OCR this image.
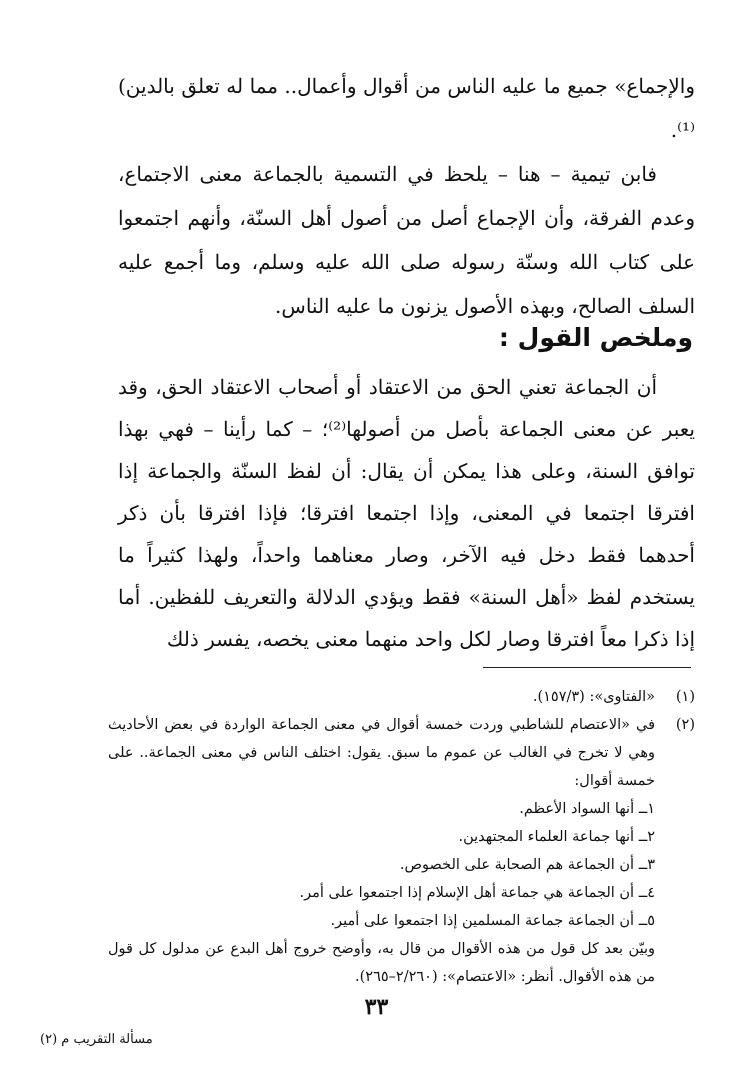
والإجماع» جميع ما عليه الناس من أقوال وأعمال.. مما له تعلق بالدين)⁽¹⁾.

فابن تيمية – هنا – يلحظ في التسمية بالجماعة معنى الاجتماع، وعدم الفرقة، وأن الإجماع أصل من أصول أهل السنّة، وأنهم اجتمعوا على كتاب الله وسنّة رسوله صلى الله عليه وسلم، وما أجمع عليه السلف الصالح، وبهذه الأصول يزنون ما عليه الناس.

وملخص القول :

أن الجماعة تعني الحق من الاعتقاد أو أصحاب الاعتقاد الحق، وقد يعبر عن معنى الجماعة بأصل من أصولها⁽²⁾؛ – كما رأينا – فهي بهذا توافق السنة، وعلى هذا يمكن أن يقال: أن لفظ السنّة والجماعة إذا افترقا اجتمعا في المعنى، وإذا اجتمعا افترقا؛ فإذا افترقا بأن ذكر أحدهما فقط دخل فيه الآخر، وصار معناهما واحداً، ولهذا كثيراً ما يستخدم لفظ «أهل السنة» فقط ويؤدي الدلالة والتعريف للفظين. أما إذا ذكرا معاً افترقا وصار لكل واحد منهما معنى يخصه، يفسر ذلك

(١)
«الفتاوى»: (١٥٧/٣).
(٢)
في «الاعتصام للشاطبي وردت خمسة أقوال في معنى الجماعة الواردة في بعض الأحاديث وهي لا تخرج في الغالب عن عموم ما سبق. يقول: اختلف الناس في معنى الجماعة.. على خمسة أقوال:
١ــ أنها السواد الأعظم.
٢ــ أنها جماعة العلماء المجتهدين.
٣ــ أن الجماعة هم الصحابة على الخصوص.
٤ــ أن الجماعة هي جماعة أهل الإسلام إذا اجتمعوا على أمر.
٥ــ أن الجماعة جماعة المسلمين إذا اجتمعوا على أمير.
وبيّن بعد كل قول من هذه الأقوال من قال به، وأوضح خروج أهل البدع عن مدلول كل قول من هذه الأقوال. أنظر: «الاعتصام»: (٢/٢٦٠–٢٦٥).
٣٣
مسألة التقريب م (٢)
